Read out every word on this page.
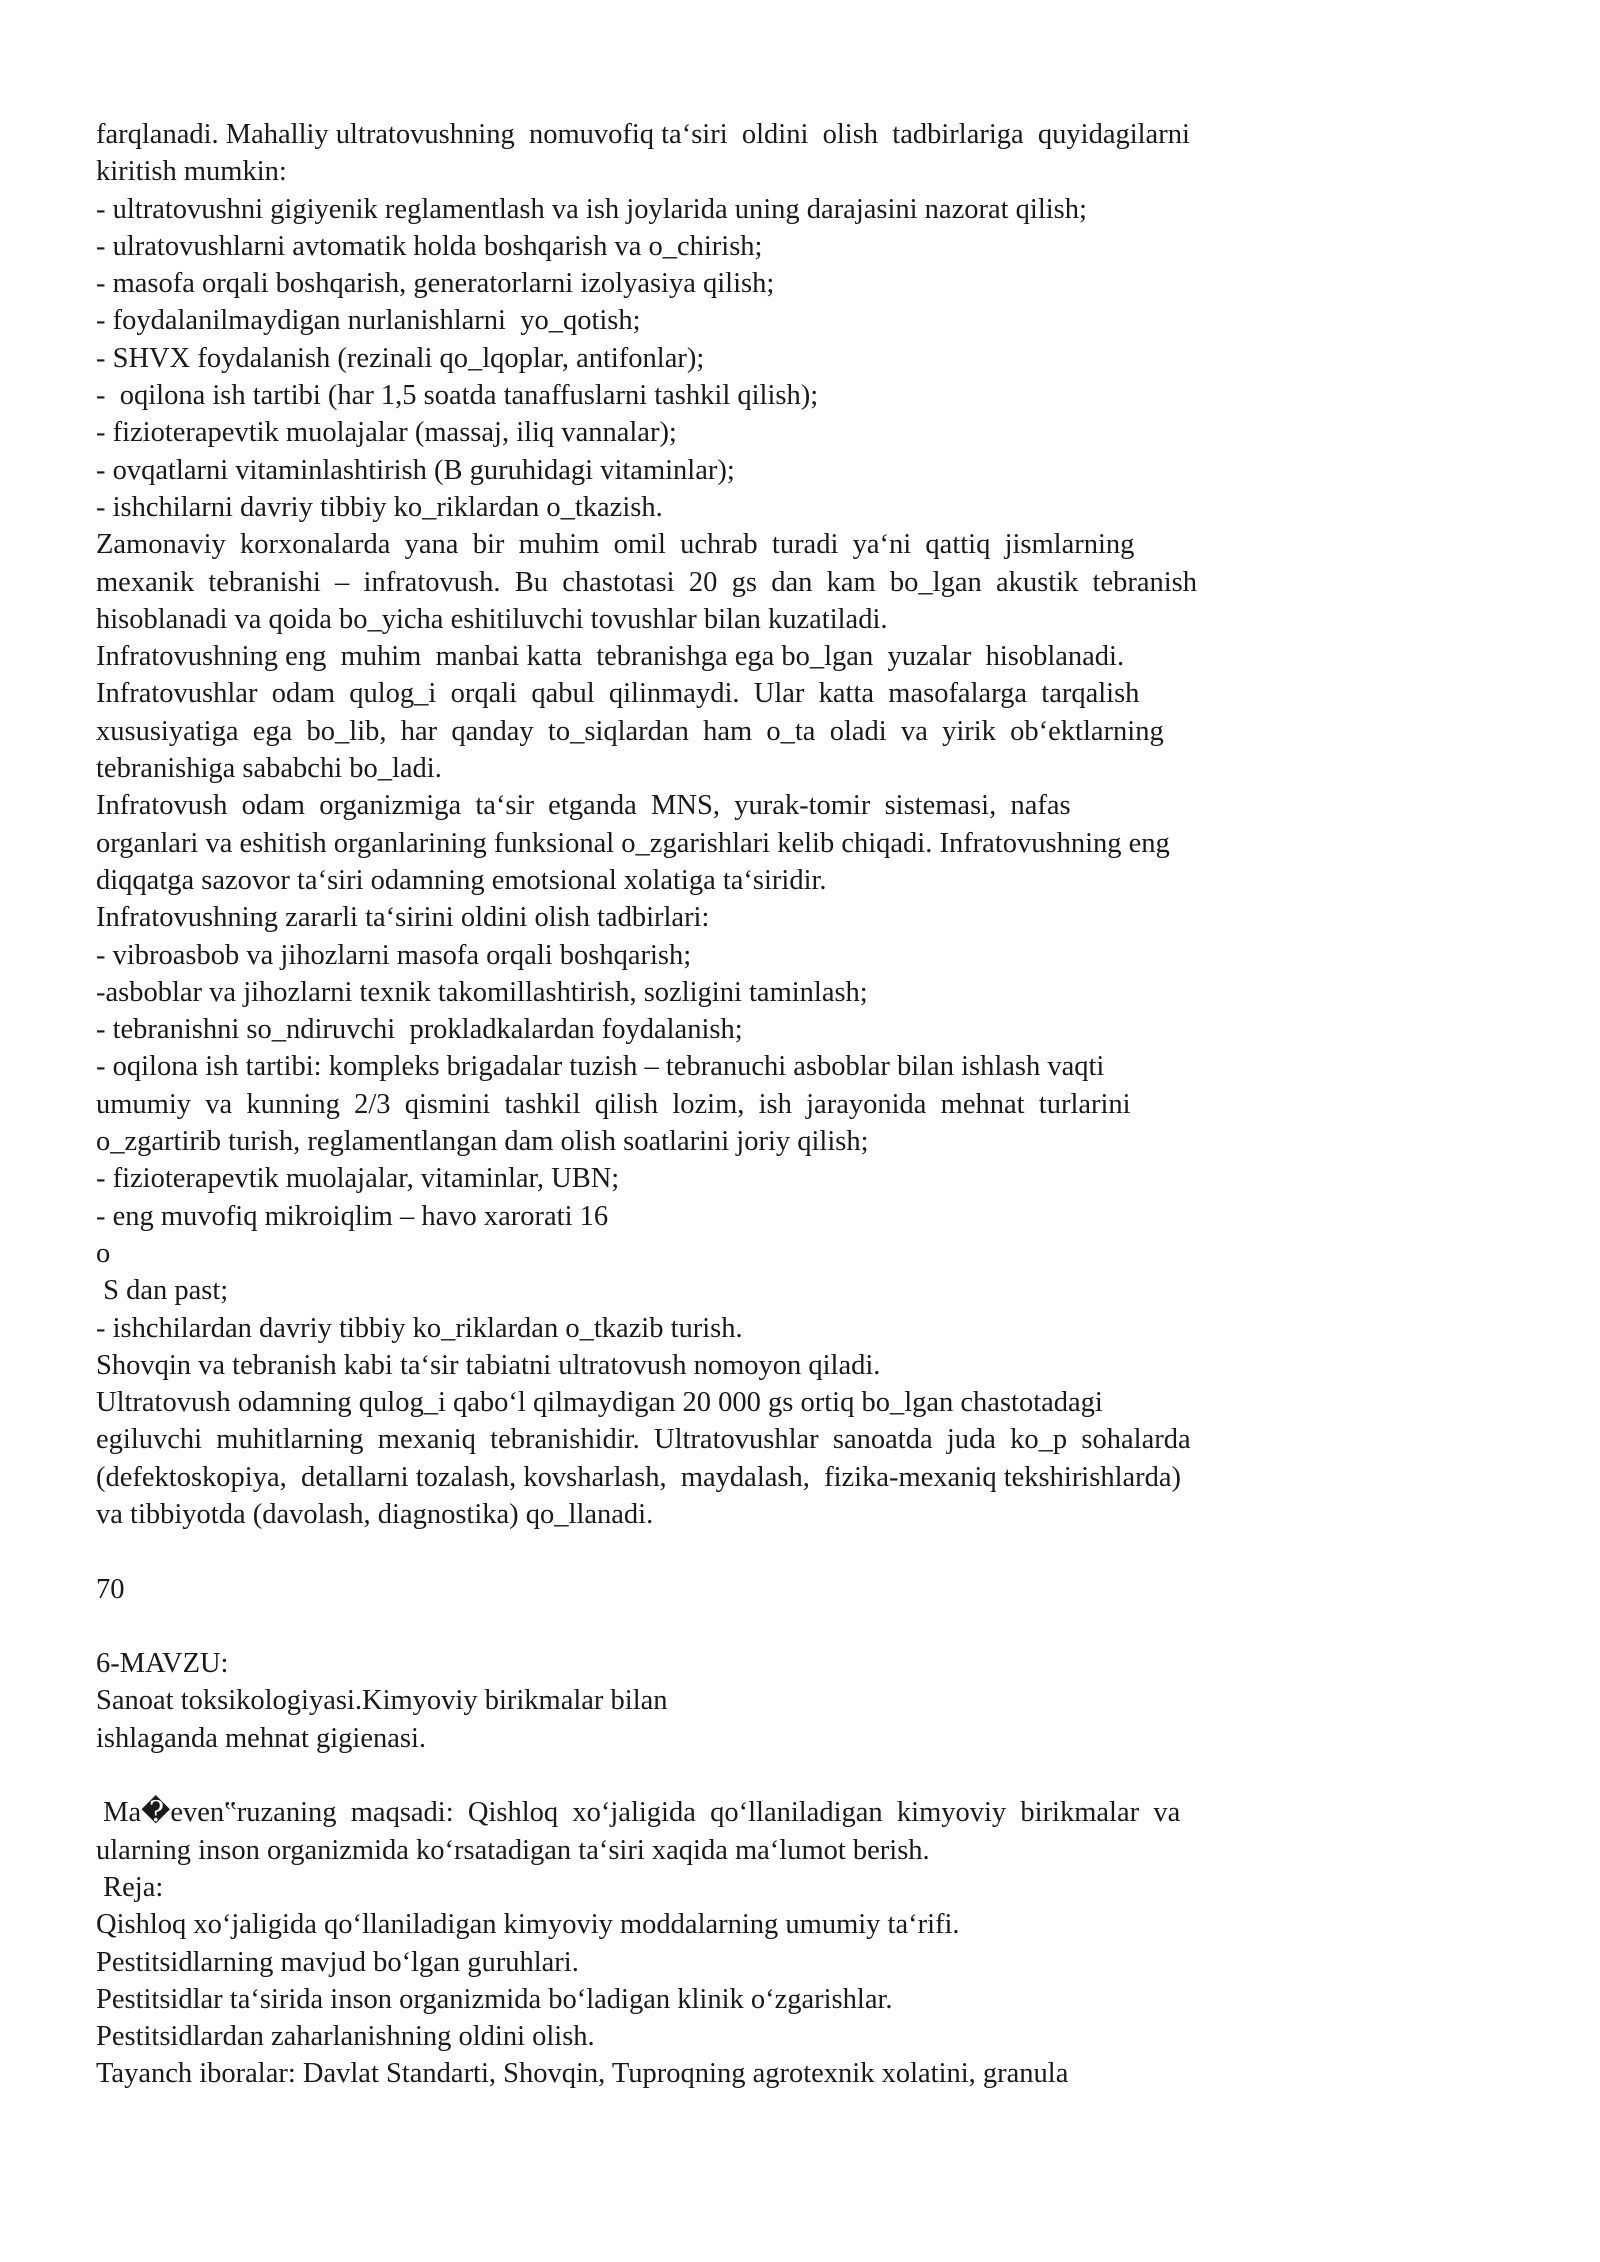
farqlanadi. Mahalliy ultratovushning  nomuvofiq ta‘siri  oldini  olish  tadbirlariga  quyidagilarni
kiritish mumkin:
- ultratovushni gigiyenik reglamentlash va ish joylarida uning darajasini nazorat qilish;
- ulratovushlarni avtomatik holda boshqarish va o_chirish;
- masofa orqali boshqarish, generatorlarni izolyasiya qilish;
- foydalanilmaydigan nurlanishlarni  yo_qotish;
- SHVX foydalanish (rezinali qo_lqoplar, antifonlar);
-  oqilona ish tartibi (har 1,5 soatda tanaffuslarni tashkil qilish);
- fizioterapevtik muolajalar (massaj, iliq vannalar);
- ovqatlarni vitaminlashtirish (B guruhidagi vitaminlar);
- ishchilarni davriy tibbiy ko_riklardan o_tkazish.
Zamonaviy  korxonalarda  yana  bir  muhim  omil  uchrab  turadi  ya‘ni  qattiq  jismlarning
mexanik  tebranishi  –  infratovush.  Bu  chastotasi  20  gs  dan  kam  bo_lgan  akustik  tebranish
hisoblanadi va qoida bo_yicha eshitiluvchi tovushlar bilan kuzatiladi.
Infratovushning eng  muhim  manbai katta  tebranishga ega bo_lgan  yuzalar  hisoblanadi.
Infratovushlar  odam  qulog_i  orqali  qabul  qilinmaydi.  Ular  katta  masofalarga  tarqalish
xususiyatiga  ega  bo_lib,  har  qanday  to_siqlardan  ham  o_ta  oladi  va  yirik  ob‘ektlarning
tebranishiga sababchi bo_ladi.
Infratovush  odam  organizmiga  ta‘sir  etganda  MNS,  yurak-tomir  sistemasi,  nafas
organlari va eshitish organlarining funksional o_zgarishlari kelib chiqadi. Infratovushning eng
diqqatga sazovor ta‘siri odamning emotsional xolatiga ta‘siridir.
Infratovushning zararli ta‘sirini oldini olish tadbirlari:
- vibroasbob va jihozlarni masofa orqali boshqarish;
-asboblar va jihozlarni texnik takomillashtirish, sozligini taminlash;
- tebranishni so_ndiruvchi  prokladkalardan foydalanish;
- oqilona ish tartibi: kompleks brigadalar tuzish – tebranuchi asboblar bilan ishlash vaqti
umumiy  va  kunning  2/3  qismini  tashkil  qilish  lozim,  ish  jarayonida  mehnat  turlarini
o_zgartirib turish, reglamentlangan dam olish soatlarini joriy qilish;
- fizioterapevtik muolajalar, vitaminlar, UBN;
- eng muvofiq mikroiqlim – havo xarorati 16
o
S dan past;
- ishchilardan davriy tibbiy ko_riklardan o_tkazib turish.
Shovqin va tebranish kabi ta‘sir tabiatni ultratovush nomoyon qiladi.
Ultratovush odamning qulog_i qabo‘l qilmaydigan 20 000 gs ortiq bo_lgan chastotadagi
egiluvchi  muhitlarning  mexaniq  tebranishidir.  Ultratovushlar  sanoatda  juda  ko_p  sohalarda
(defektoskopiya,  detallarni tozalash, kovsharlash,  maydalash,  fizika-mexaniq tekshirishlarda)
va tibbiyotda (davolash, diagnostika) qo_llanadi.
70
6-MAVZU:
Sanoat toksikologiyasi.Kimyoviy birikmalar bilan
ishlaganda mehnat gigienasi.
Ma�even‟ruzaning  maqsadi:  Qishloq  xo‘jaligida  qo‘llaniladigan  kimyoviy  birikmalar  va
ularning inson organizmida ko‘rsatadigan ta‘siri xaqida ma‘lumot berish.
Reja:
Qishloq xo‘jaligida qo‘llaniladigan kimyoviy moddalarning umumiy ta‘rifi.
Pestitsidlarning mavjud bo‘lgan guruhlari.
Pestitsidlar ta‘sirida inson organizmida bo‘ladigan klinik o‘zgarishlar.
Pestitsidlardan zaharlanishning oldini olish.
Tayanch iboralar: Davlat Standarti, Shovqin, Tuproqning agrotexnik xolatini, granula
